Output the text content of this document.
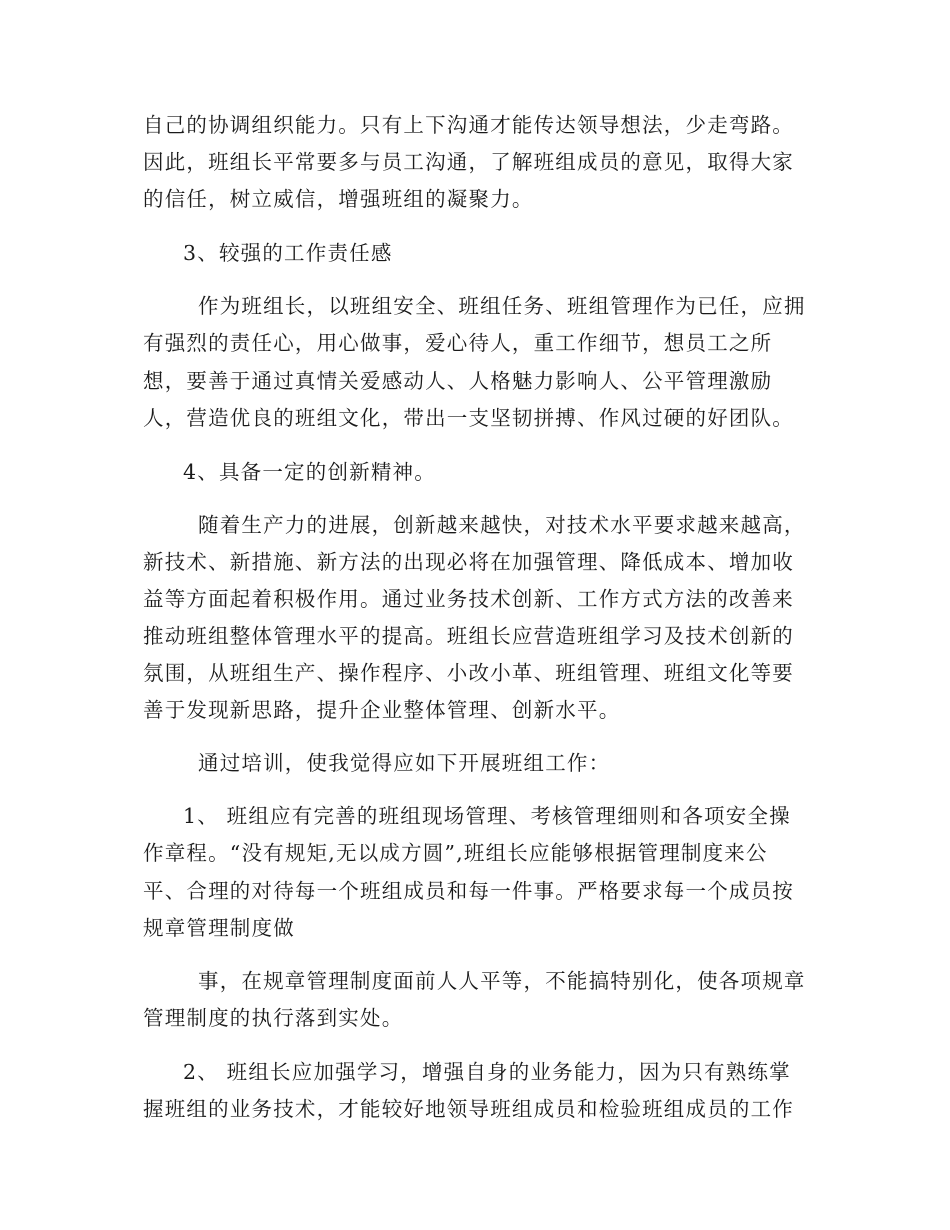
自己的协调组织能力。只有上下沟通才能传达领导想法，少走弯路。
因此，班组长平常要多与员工沟通，了解班组成员的意见，取得大家
的信任，树立威信，增强班组的凝聚力。
3、较强的工作责任感
作为班组长，以班组安全、班组任务、班组管理作为已任，应拥
有强烈的责任心，用心做事，爱心待人，重工作细节，想员工之所
想，要善于通过真情关爱感动人、人格魅力影响人、公平管理激励
人，营造优良的班组文化，带出一支坚韧拼搏、作风过硬的好团队。
4、具备一定的创新精神。
随着生产力的进展，创新越来越快，对技术水平要求越来越高，
新技术、新措施、新方法的出现必将在加强管理、降低成本、增加收
益等方面起着积极作用。通过业务技术创新、工作方式方法的改善来
推动班组整体管理水平的提高。班组长应营造班组学习及技术创新的
氛围，从班组生产、操作程序、小改小革、班组管理、班组文化等要
善于发现新思路，提升企业整体管理、创新水平。
通过培训，使我觉得应如下开展班组工作：
1、 班组应有完善的班组现场管理、考核管理细则和各项安全操
作章程。“没有规矩,无以成方圆”,班组长应能够根据管理制度来公
平、合理的对待每一个班组成员和每一件事。严格要求每一个成员按
规章管理制度做
事，在规章管理制度面前人人平等，不能搞特别化，使各项规章
管理制度的执行落到实处。
2、 班组长应加强学习，增强自身的业务能力，因为只有熟练掌
握班组的业务技术，才能较好地领导班组成员和检验班组成员的工作
